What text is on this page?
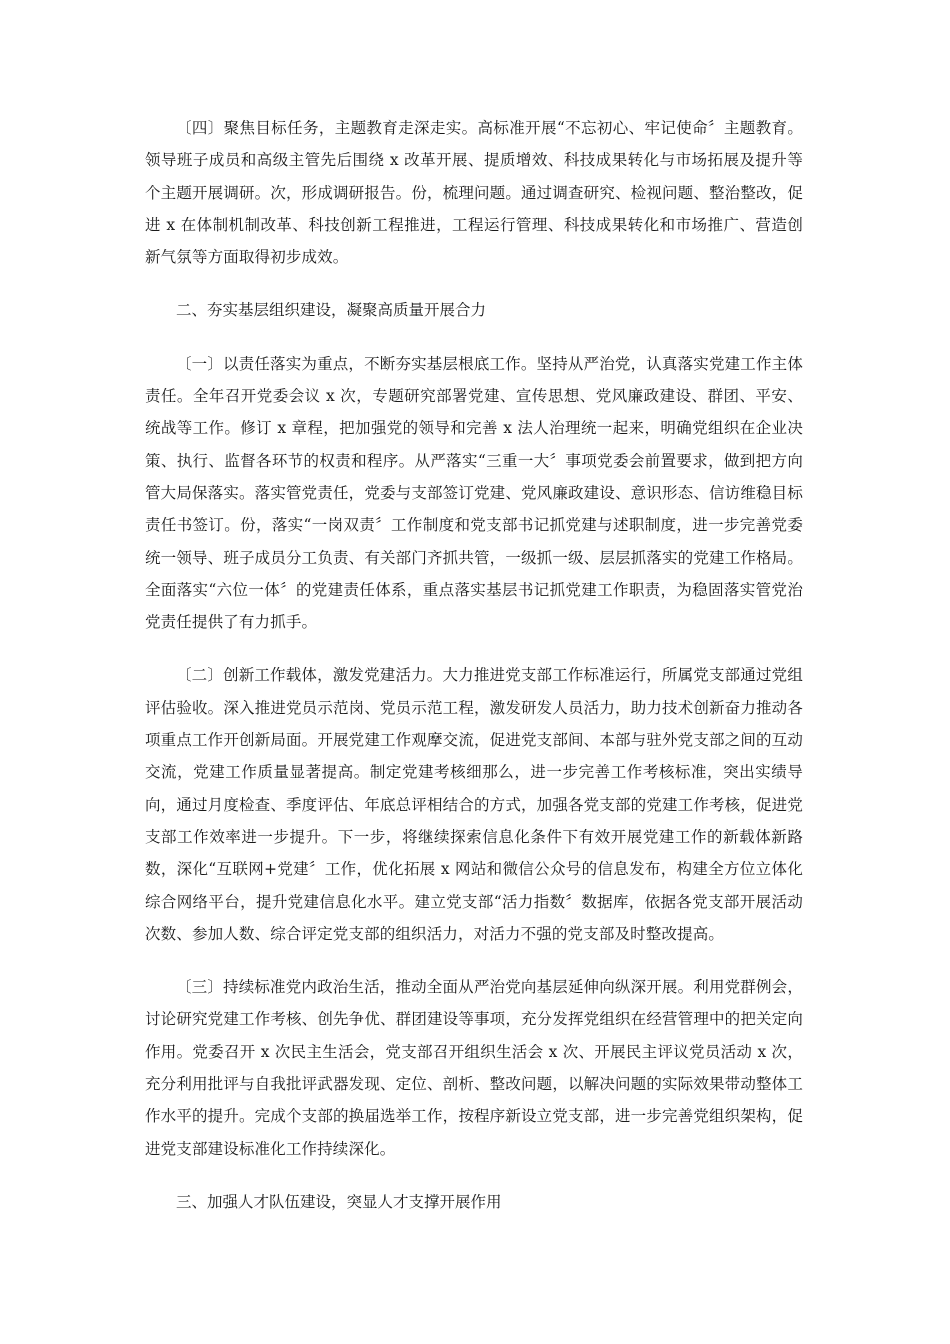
〔四〕聚焦目标任务，主题教育走深走实。高标准开展“不忘初心、牢记使命〞主题教育。领导班子成员和高级主管先后围绕 x 改革开展、提质增效、科技成果转化与市场拓展及提升等个主题开展调研。次，形成调研报告。份，梳理问题。通过调查研究、检视问题、整治整改，促进 x 在体制机制改革、科技创新工程推进，工程运行管理、科技成果转化和市场推广、营造创新气氛等方面取得初步成效。

二、夯实基层组织建设，凝聚高质量开展合力

〔一〕以责任落实为重点，不断夯实基层根底工作。坚持从严治党，认真落实党建工作主体责任。全年召开党委会议 x 次，专题研究部署党建、宣传思想、党风廉政建设、群团、平安、统战等工作。修订 x 章程，把加强党的领导和完善 x 法人治理统一起来，明确党组织在企业决策、执行、监督各环节的权责和程序。从严落实“三重一大〞事项党委会前置要求，做到把方向管大局保落实。落实管党责任，党委与支部签订党建、党风廉政建设、意识形态、信访维稳目标责任书签订。份，落实“一岗双责〞工作制度和党支部书记抓党建与述职制度，进一步完善党委统一领导、班子成员分工负责、有关部门齐抓共管，一级抓一级、层层抓落实的党建工作格局。全面落实“六位一体〞的党建责任体系，重点落实基层书记抓党建工作职责，为稳固落实管党治党责任提供了有力抓手。

〔二〕创新工作载体，激发党建活力。大力推进党支部工作标准运行，所属党支部通过党组评估验收。深入推进党员示范岗、党员示范工程，激发研发人员活力，助力技术创新奋力推动各项重点工作开创新局面。开展党建工作观摩交流，促进党支部间、本部与驻外党支部之间的互动交流，党建工作质量显著提高。制定党建考核细那么，进一步完善工作考核标准，突出实绩导向，通过月度检查、季度评估、年底总评相结合的方式，加强各党支部的党建工作考核，促进党支部工作效率进一步提升。下一步，将继续探索信息化条件下有效开展党建工作的新载体新路数，深化“互联网+党建〞工作，优化拓展 x 网站和微信公众号的信息发布，构建全方位立体化综合网络平台，提升党建信息化水平。建立党支部“活力指数〞数据库，依据各党支部开展活动次数、参加人数、综合评定党支部的组织活力，对活力不强的党支部及时整改提高。

〔三〕持续标准党内政治生活，推动全面从严治党向基层延伸向纵深开展。利用党群例会，讨论研究党建工作考核、创先争优、群团建设等事项，充分发挥党组织在经营管理中的把关定向作用。党委召开 x 次民主生活会，党支部召开组织生活会 x 次、开展民主评议党员活动 x 次，充分利用批评与自我批评武器发现、定位、剖析、整改问题，以解决问题的实际效果带动整体工作水平的提升。完成个支部的换届选举工作，按程序新设立党支部，进一步完善党组织架构，促进党支部建设标准化工作持续深化。

三、加强人才队伍建设，突显人才支撑开展作用
